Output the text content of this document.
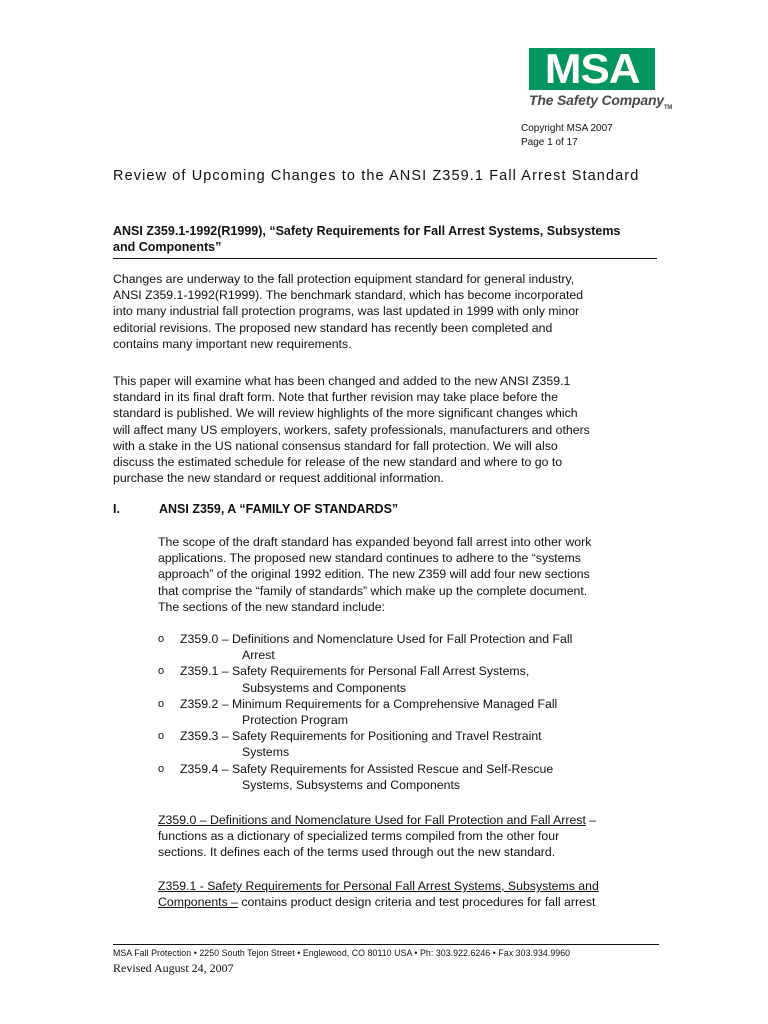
MSA
The Safety Company$_{TM}$
Copyright MSA 2007
Page 1 of 17
Review of Upcoming Changes to the ANSI Z359.1 Fall Arrest Standard
ANSI Z359.1-1992(R1999), “Safety Requirements for Fall Arrest Systems, Subsystems and Components”
Changes are underway to the fall protection equipment standard for general industry,
ANSI Z359.1-1992(R1999). The benchmark standard, which has become incorporated
into many industrial fall protection programs, was last updated in 1999 with only minor
editorial revisions. The proposed new standard has recently been completed and
contains many important new requirements.
This paper will examine what has been changed and added to the new ANSI Z359.1
standard in its final draft form. Note that further revision may take place before the
standard is published. We will review highlights of the more significant changes which
will affect many US employers, workers, safety professionals, manufacturers and others
with a stake in the US national consensus standard for fall protection. We will also
discuss the estimated schedule for release of the new standard and where to go to
purchase the new standard or request additional information.
I.	ANSI Z359, A “FAMILY OF STANDARDS”
The scope of the draft standard has expanded beyond fall arrest into other work
applications. The proposed new standard continues to adhere to the “systems
approach” of the original 1992 edition. The new Z359 will add four new sections
that comprise the “family of standards” which make up the complete document.
The sections of the new standard include:
o Z359.0 – Definitions and Nomenclature Used for Fall Protection and Fall
Arrest
o Z359.1 – Safety Requirements for Personal Fall Arrest Systems,
Subsystems and Components
o Z359.2 – Minimum Requirements for a Comprehensive Managed Fall
Protection Program
o Z359.3 – Safety Requirements for Positioning and Travel Restraint
Systems
o Z359.4 – Safety Requirements for Assisted Rescue and Self-Rescue
Systems, Subsystems and Components
Z359.0 – Definitions and Nomenclature Used for Fall Protection and Fall Arrest –
functions as a dictionary of specialized terms compiled from the other four
sections. It defines each of the terms used through out the new standard.
Z359.1 - Safety Requirements for Personal Fall Arrest Systems, Subsystems and
Components – contains product design criteria and test procedures for fall arrest
MSA Fall Protection • 2250 South Tejon Street • Englewood, CO 80110 USA • Ph: 303.922.6246 • Fax 303.934.9960
Revised August 24, 2007
